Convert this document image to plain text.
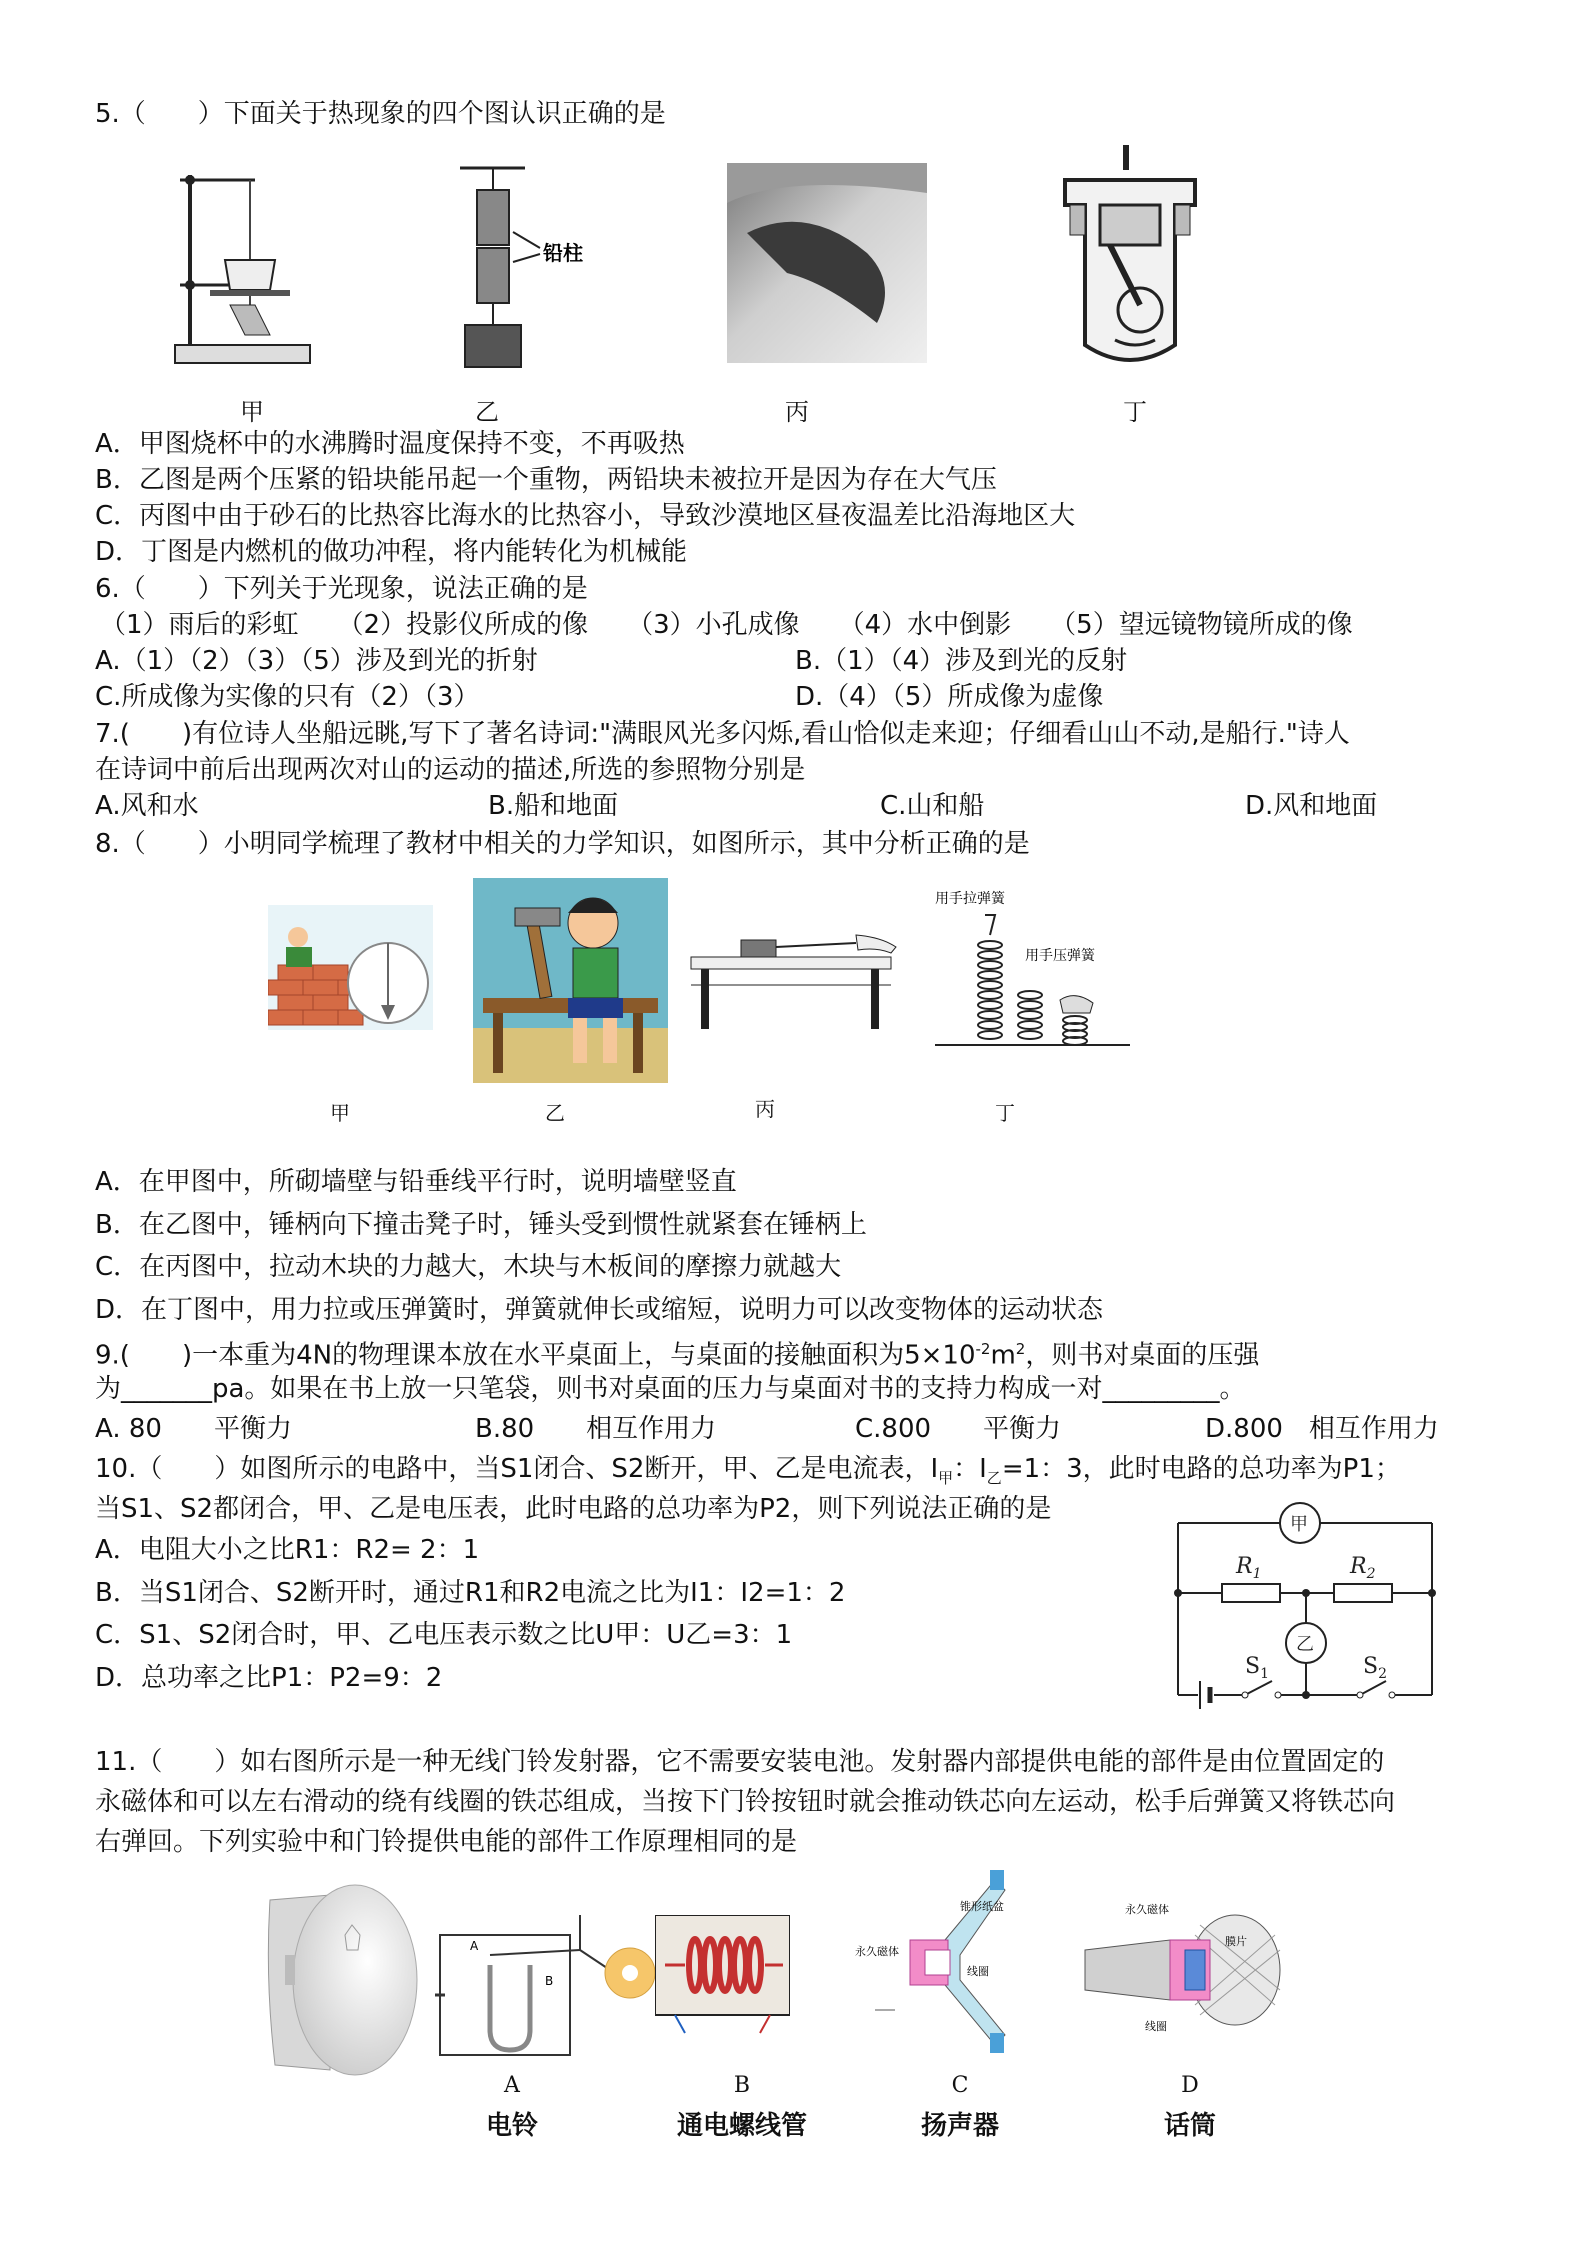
5.（　　）下面关于热现象的四个图认识正确的是
铅柱
甲	乙	丙	丁
A．甲图烧杯中的水沸腾时温度保持不变，不再吸热
B．乙图是两个压紧的铅块能吊起一个重物，两铅块未被拉开是因为存在大气压
C．丙图中由于砂石的比热容比海水的比热容小，导致沙漠地区昼夜温差比沿海地区大
D．丁图是内燃机的做功冲程，将内能转化为机械能
6.（　　）下列关于光现象，说法正确的是
（1）雨后的彩虹　　（2）投影仪所成的像　　（3）小孔成像　　（4）水中倒影　　（5）望远镜物镜所成的像
A.（1）（2）（3）（5）涉及到光的折射	B.（1）（4）涉及到光的反射
C.所成像为实像的只有（2）（3）	D.（4）（5）所成像为虚像
7.(　　)有位诗人坐船远眺,写下了著名诗词:"满眼风光多闪烁,看山恰似走来迎；仔细看山山不动,是船行."诗人
在诗词中前后出现两次对山的运动的描述,所选的参照物分别是
A.风和水	B.船和地面	C.山和船	D.风和地面
8.（　　）小明同学梳理了教材中相关的力学知识，如图所示，其中分析正确的是
用手拉弹簧
用手压弹簧
甲	乙	丙	丁
A．在甲图中，所砌墙壁与铅垂线平行时，说明墙壁竖直
B．在乙图中，锤柄向下撞击凳子时，锤头受到惯性就紧套在锤柄上
C．在丙图中，拉动木块的力越大，木块与木板间的摩擦力就越大
D．在丁图中，用力拉或压弹簧时，弹簧就伸长或缩短，说明力可以改变物体的运动状态
9.(　　)一本重为4N的物理课本放在水平桌面上，与桌面的接触面积为$5\times 10^{-2}m^2$，则书对桌面的压强
为_______pa。如果在书上放一只笔袋，则书对桌面的压力与桌面对书的支持力构成一对_________。
A. 80　　平衡力	B.80　　相互作用力	C.800　　平衡力	D.800　相互作用力
10.（　　）如图所示的电路中，当S1闭合、S2断开，甲、乙是电流表，$I_甲$：$I_乙=1$：3，此时电路的总功率为P1；
当S1、S2都闭合，甲、乙是电压表，此时电路的总功率为P2，则下列说法正确的是
A．电阻大小之比R1：R2= 2：1
B．当S1闭合、S2断开时，通过R1和R2电流之比为I1：I2=1：2
C．S1、S2闭合时，甲、乙电压表示数之比U甲：U乙=3：1
D．总功率之比P1：P2=9：2
甲
乙
$R_1$	$R_2$
$S_1$	$S_2$
11.（　　）如右图所示是一种无线门铃发射器，它不需要安装电池。发射器内部提供电能的部件是由位置固定的
永磁体和可以左右滑动的绕有线圈的铁芯组成，当按下门铃按钮时就会推动铁芯向左运动，松手后弹簧又将铁芯向
右弹回。下列实验中和门铃提供电能的部件工作原理相同的是
A
B
锥形纸盆
永久磁体
线圈
永久磁体
膜片
线圈
A	B	C	D
电铃	通电螺线管	扬声器	话筒
